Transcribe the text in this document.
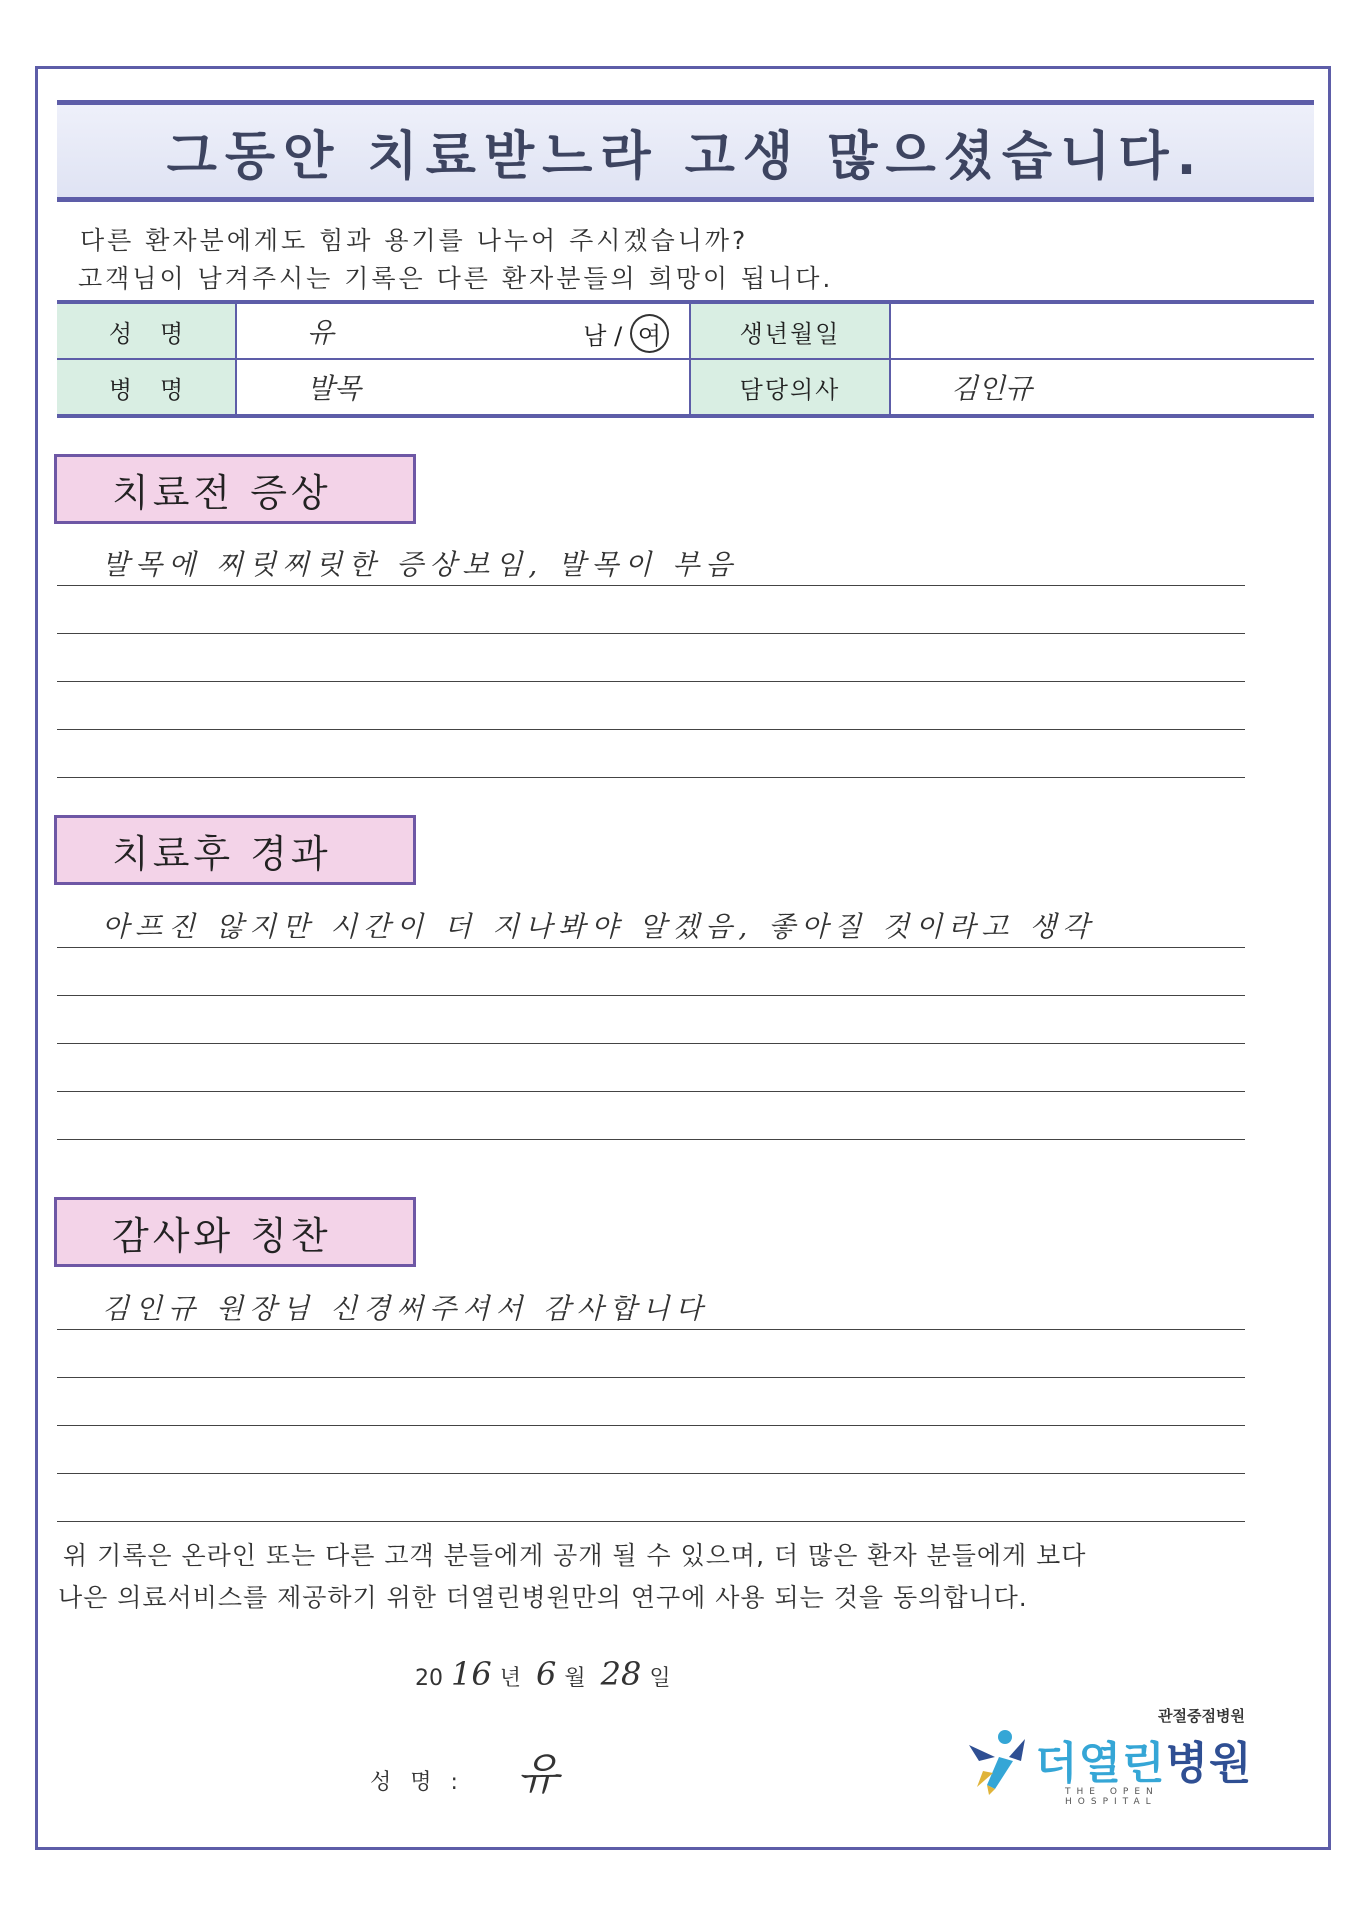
그동안 치료받느라 고생 많으셨습니다.
다른 환자분에게도 힘과 용기를 나누어 주시겠습니까?
고객님이 남겨주시는 기록은 다른 환자분들의 희망이 됩니다.
성명	유	남 / 여	생년월일
병명	발목	담당의사	김인규
치료전 증상
발목에 찌릿찌릿한 증상보임, 발목이 부음
치료후 경과
아프진 않지만 시간이 더 지나봐야 알겠음, 좋아질 것이라고 생각
감사와 칭찬
김인규 원장님 신경써주셔서 감사합니다
위 기록은 온라인 또는 다른 고객 분들에게 공개 될 수 있으며, 더 많은 환자 분들에게 보다
나은 의료서비스를 제공하기 위한 더열린병원만의 연구에 사용 되는 것을 동의합니다.
20 16 년 6 월 28 일
성 명 : 유
관절중점병원
더열린병원
THE OPEN HOSPITAL
